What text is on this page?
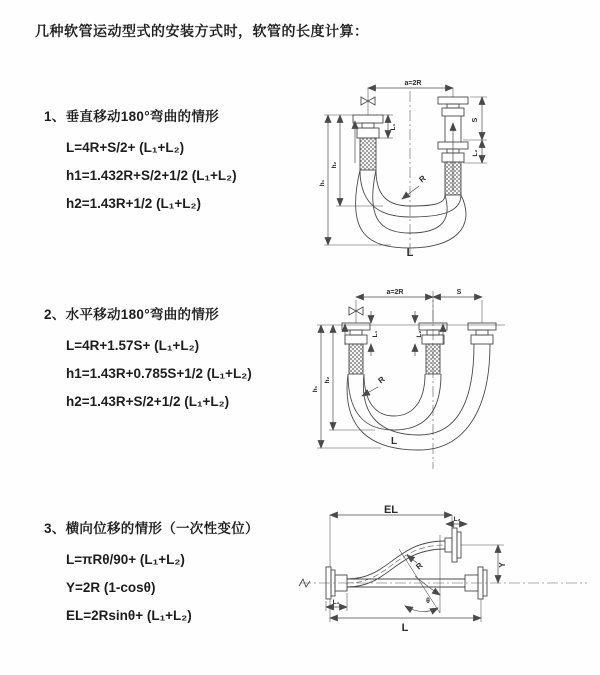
几种软管运动型式的安装方式时，软管的长度计算：
1、垂直移动180°弯曲的情形
L=4R+S/2+ (L₁+L₂)
h1=1.432R+S/2+1/2 (L₁+L₂)
h2=1.43R+1/2 (L₁+L₂)
2、水平移动180°弯曲的情形
L=4R+1.57S+ (L₁+L₂)
h1=1.43R+0.785S+1/2 (L₁+L₂)
h2=1.43R+S/2+1/2 (L₁+L₂)
3、横向位移的情形（一次性变位）
L=πRθ/90+ (L₁+L₂)
Y=2R (1-cosθ)
EL=2Rsinθ+ (L₁+L₂)
a=2R
S
L₂
h₁
h₂
L₁
R
L
a=2R	S
h₁
h₂
L₁	L₂
R
L
θ
R
EL
L₂
Y
L₁
L
